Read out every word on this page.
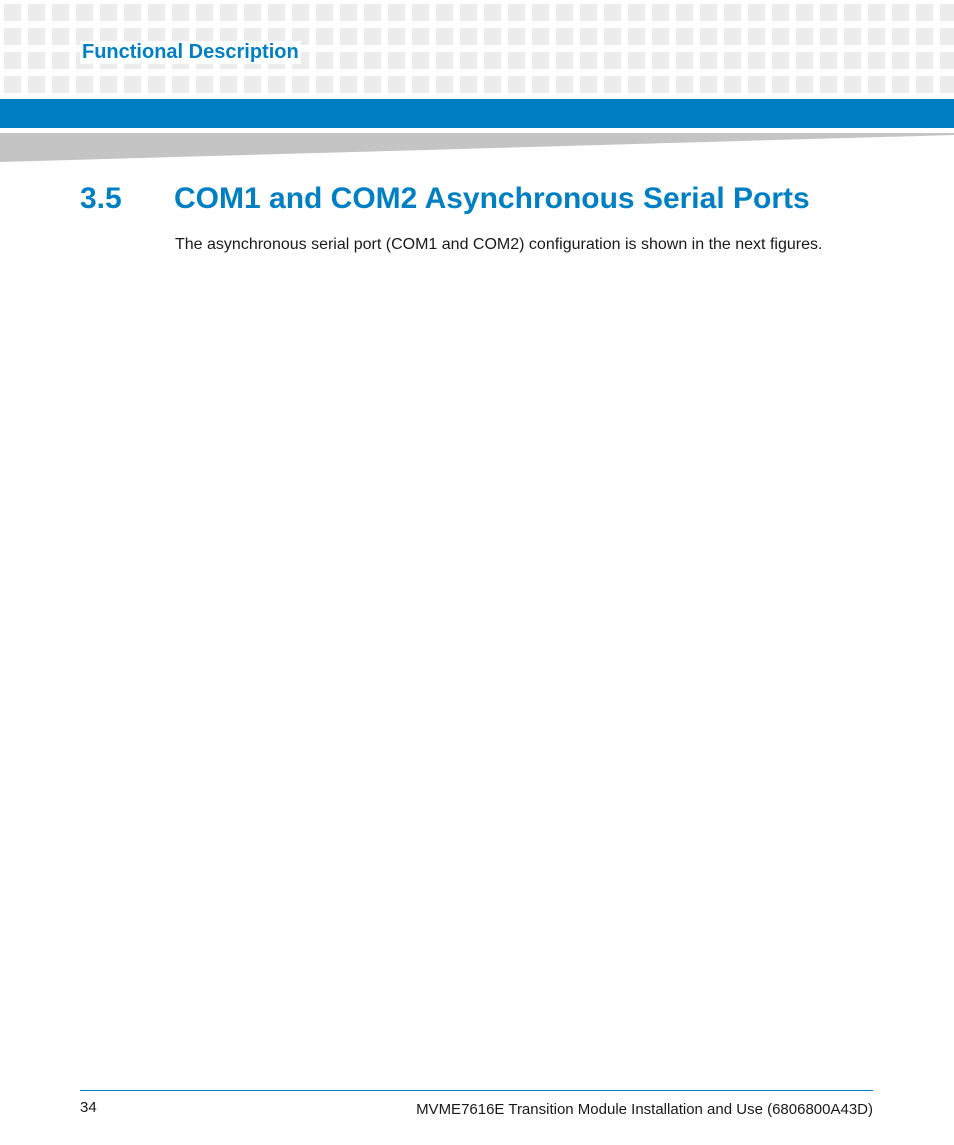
Functional Description
3.5 COM1 and COM2 Asynchronous Serial Ports
The asynchronous serial port (COM1 and COM2) configuration is shown in the next figures.
34	MVME7616E Transition Module Installation and Use (6806800A43D)
